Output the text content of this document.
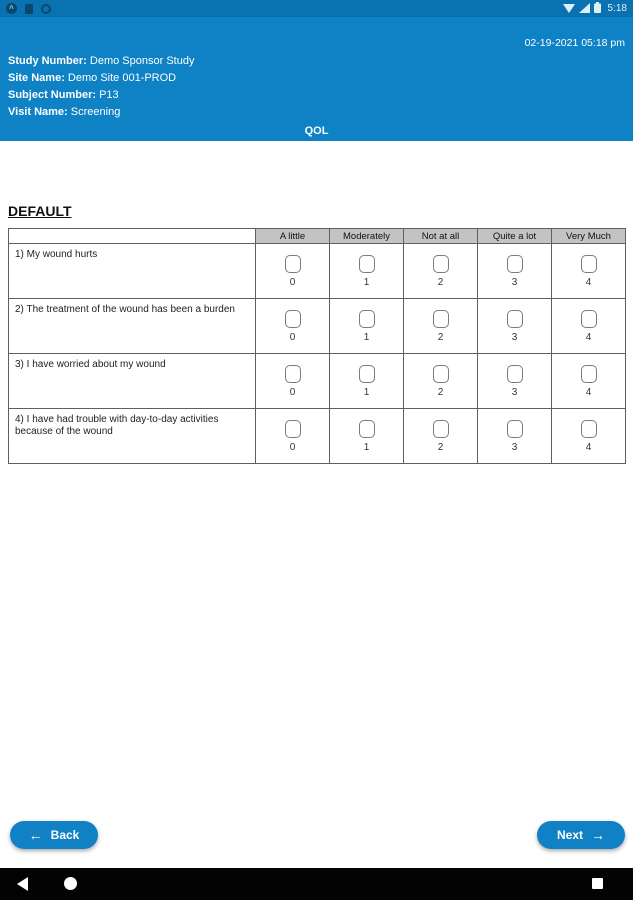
^	5:18
02-19-2021 05:18 pm
Study Number: Demo Sponsor Study
Site Name: Demo Site 001-PROD
Subject Number: P13
Visit Name: Screening
QOL
DEFAULT
	A little	Moderately	Not at all	Quite a lot	Very Much
1) My wound hurts	0	1	2	3	4

2) The treatment of the wound has been a burden	0	1	2	3	4

3) I have worried about my wound	0	1	2	3	4

4) I have had trouble with day-to-day activities because of the wound	0	1	2	3	4
← Back	Next →
